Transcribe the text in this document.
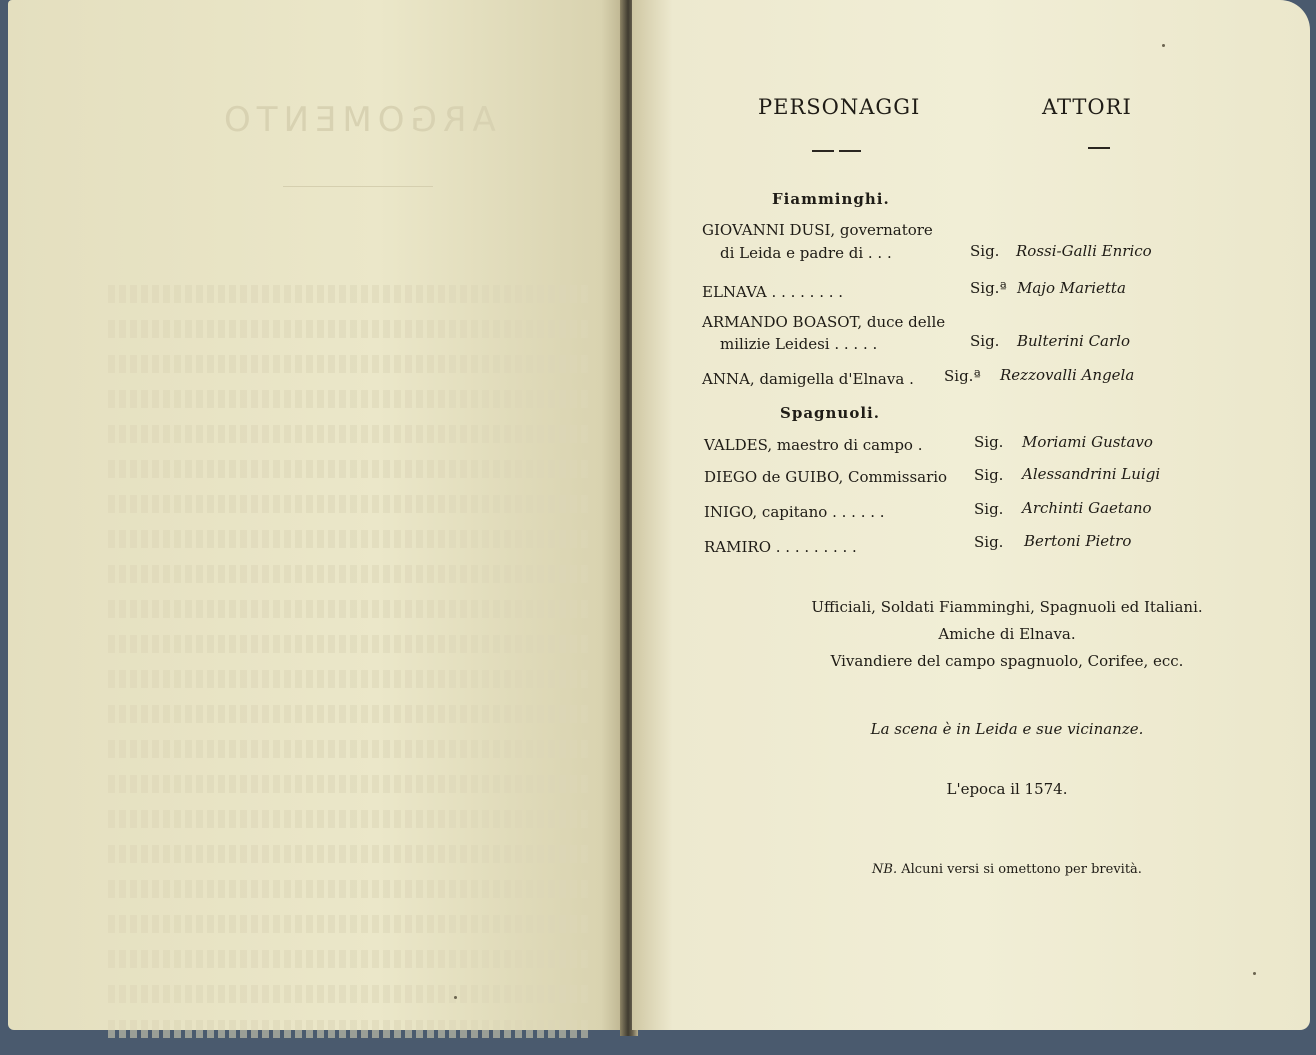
ARGOMENTO	PERSONAGGI	ATTORI
Fiamminghi.
GIOVANNI DUSI, governatore
di Leida e padre di . . .	Sig. Rossi-Galli Enrico
ELNAVA . . . . . . . .	Sig.ª Majo Marietta
ARMANDO BOASOT, duce delle
milizie Leidesi . . . . .	Sig. Bulterini Carlo
ANNA, damigella d'Elnava . Sig.ª Rezzovalli Angela
Spagnuoli.
VALDES, maestro di campo .	Sig. Moriami Gustavo
DIEGO de GUIBO, Commissario Sig. Alessandrini Luigi
INIGO, capitano . . . . . .	Sig. Archinti Gaetano
RAMIRO . . . . . . . . .	Sig. Bertoni Pietro
Ufficiali, Soldati Fiamminghi, Spagnuoli ed Italiani.
Amiche di Elnava.
Vivandiere del campo spagnuolo, Corifee, ecc.
La scena è in Leida e sue vicinanze.
L'epoca il 1574.
NB. Alcuni versi si omettono per brevità.
